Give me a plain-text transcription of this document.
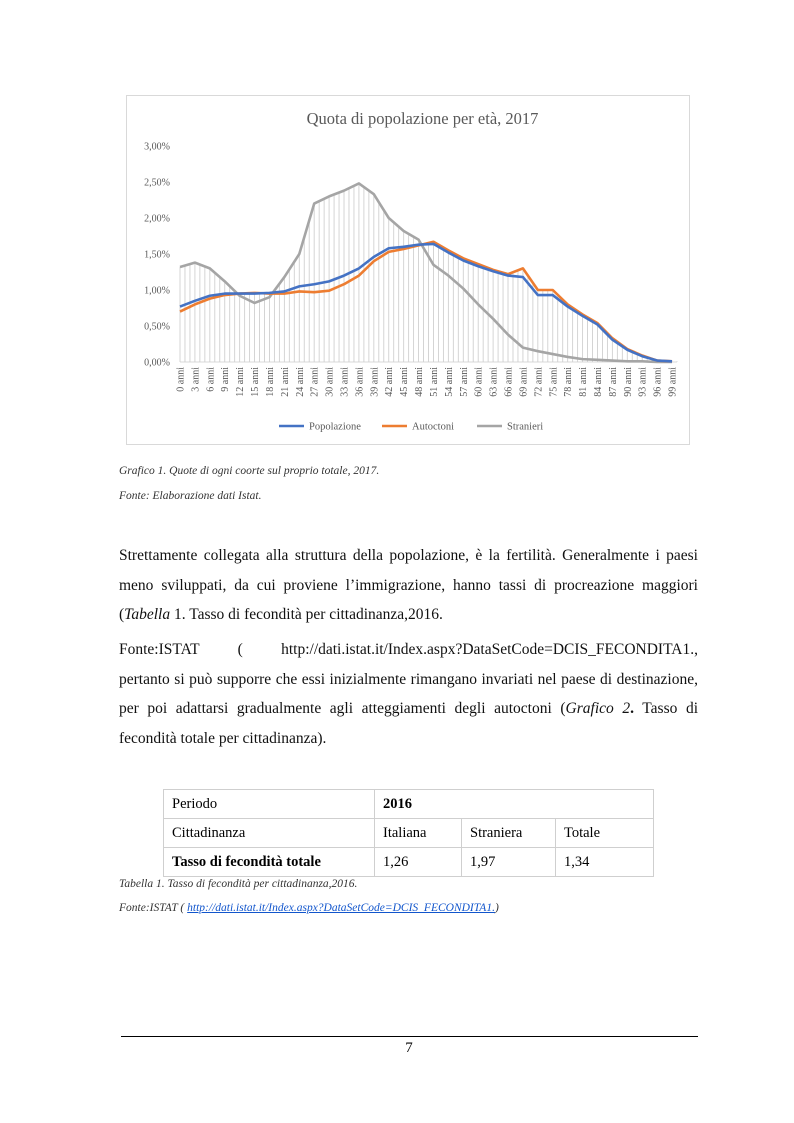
Quota di popolazione per età, 2017
3,00%
2,50%
2,00%
1,50%
1,00%
0,50%
0,00%
0 anni 3 anni 6 anni 9 anni 12 anni 15 anni 18 anni 21 anni 24 anni 27 anni 30 anni 33 anni 36 anni 39 anni 42 anni 45 anni 48 anni 51 anni 54 anni 57 anni 60 anni 63 anni 66 anni 69 anni 72 anni 75 anni 78 anni 81 anni 84 anni 87 anni 90 anni 93 anni 96 anni 99 anni
Popolazione	Autoctoni	Stranieri
Grafico 1. Quote di ogni coorte sul proprio totale, 2017.
Fonte: Elaborazione dati Istat.
Strettamente collegata alla struttura della popolazione, è la fertilità. Generalmente i paesi
meno sviluppati, da cui proviene l’immigrazione, hanno tassi di procreazione maggiori
(Tabella 1. Tasso di fecondità per cittadinanza,2016.
Fonte:ISTAT ( http://dati.istat.it/Index.aspx?DataSetCode=DCIS_FECONDITA1.,
pertanto si può supporre che essi inizialmente rimangano invariati nel paese di destinazione,
per poi adattarsi gradualmente agli atteggiamenti degli autoctoni (Grafico 2. Tasso di
fecondità totale per cittadinanza).
Periodo	2016		
Cittadinanza	Italiana	Straniera	Totale
Tasso di fecondità totale	1,26	1,97	1,34
Tabella 1. Tasso di fecondità per cittadinanza,2016.
Fonte:ISTAT ( http://dati.istat.it/Index.aspx?DataSetCode=DCIS_FECONDITA1.)
7
